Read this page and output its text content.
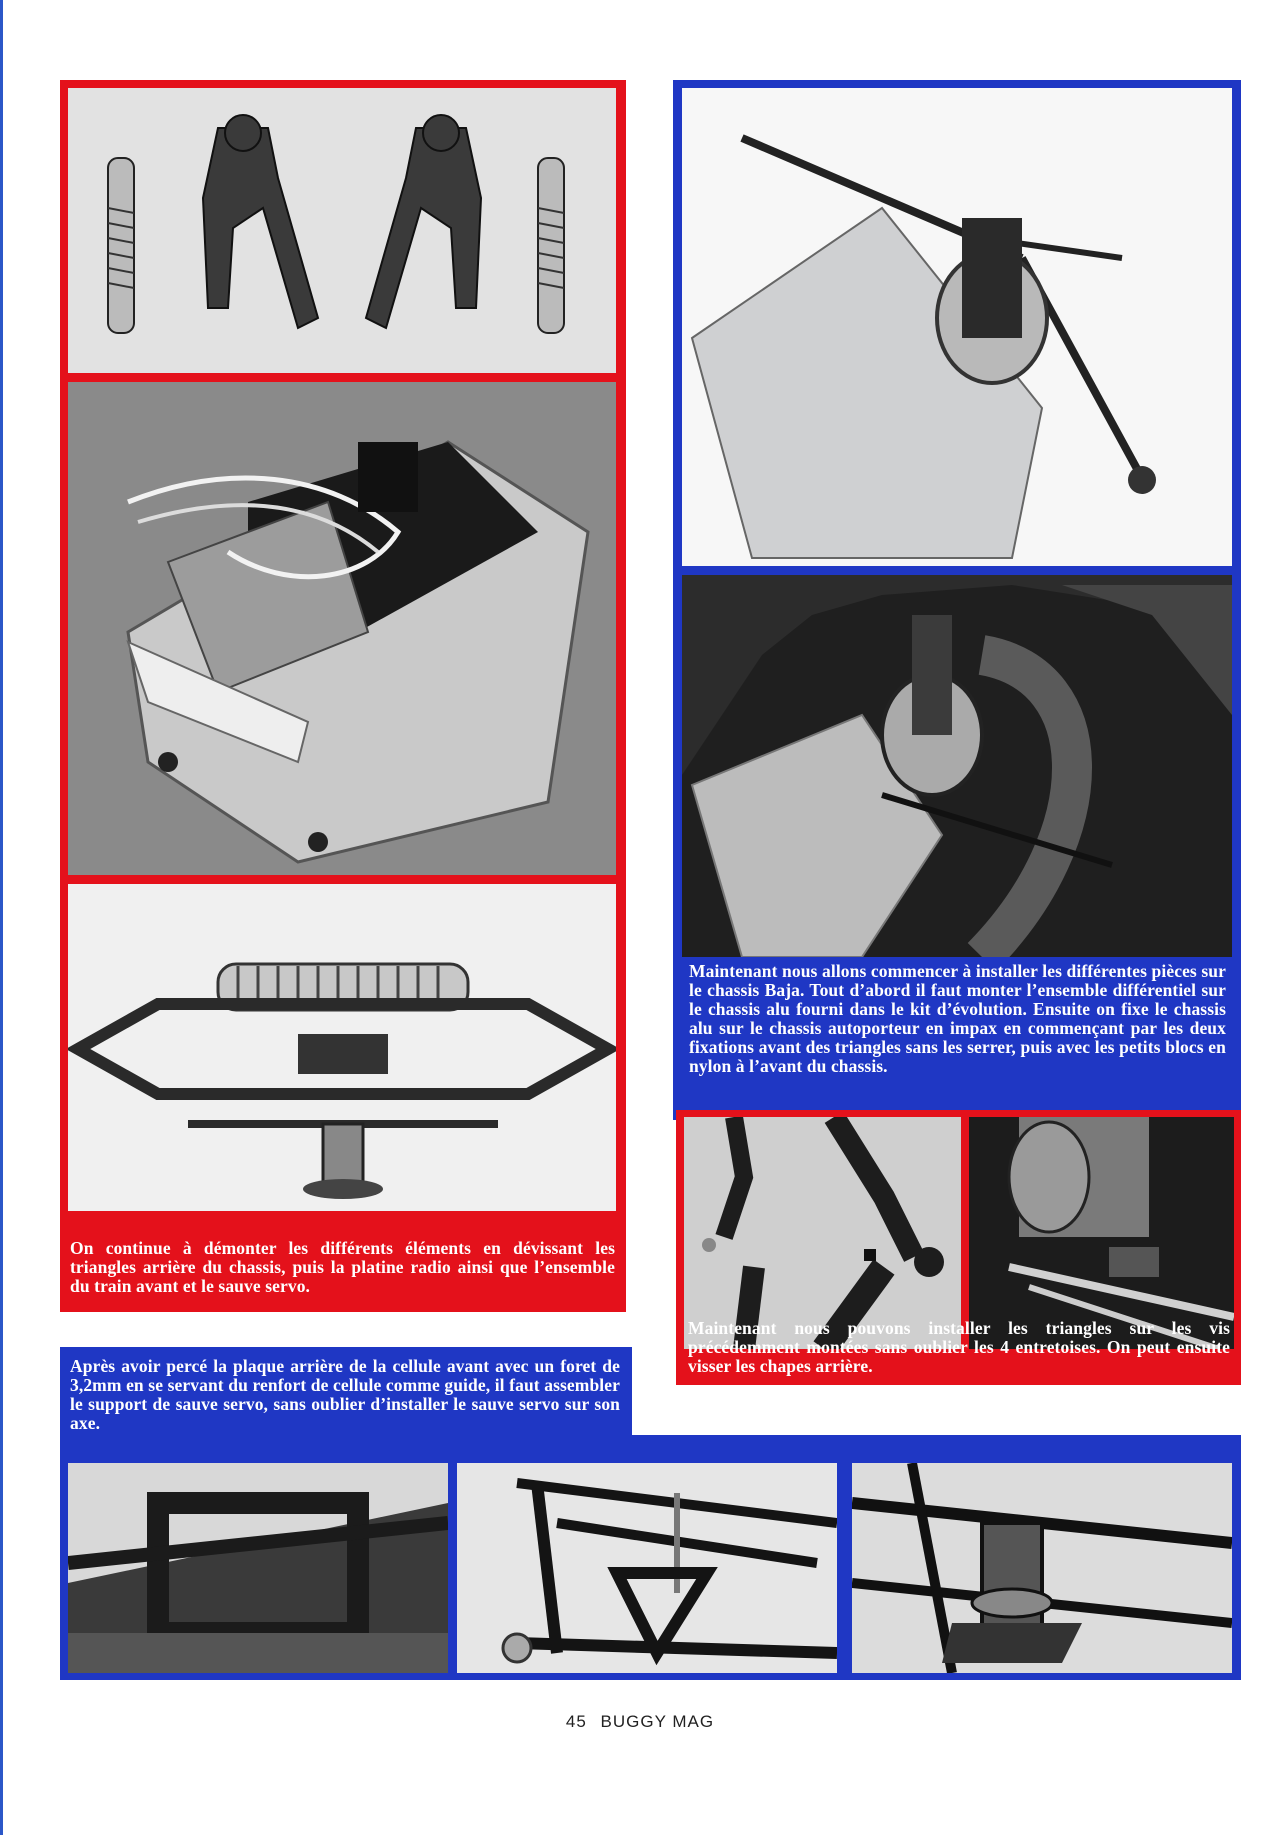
On continue à démonter les différents éléments en dévissant les triangles arrière du chassis, puis la platine radio ainsi que l’ensemble du train avant et le sauve servo.
Maintenant nous allons commencer à installer les différentes pièces sur le chassis Baja. Tout d’abord il faut monter l’ensemble différentiel sur le chassis alu fourni dans le kit d’évolution. Ensuite on fixe le chassis alu sur le chassis autoporteur en impax en commençant par les deux fixations avant des triangles sans les serrer, puis avec les petits blocs en nylon à l’avant du chassis.
Maintenant nous pouvons installer les triangles sur les vis précédemment montées sans oublier les 4 entretoises. On peut ensuite visser les chapes arrière.
Après avoir percé la plaque arrière de la cellule avant avec un foret de 3,2mm en se servant du renfort de cellule comme guide, il faut assembler le support de sauve servo, sans oublier d’installer le sauve servo sur son axe.
45 BUGGY MAG
